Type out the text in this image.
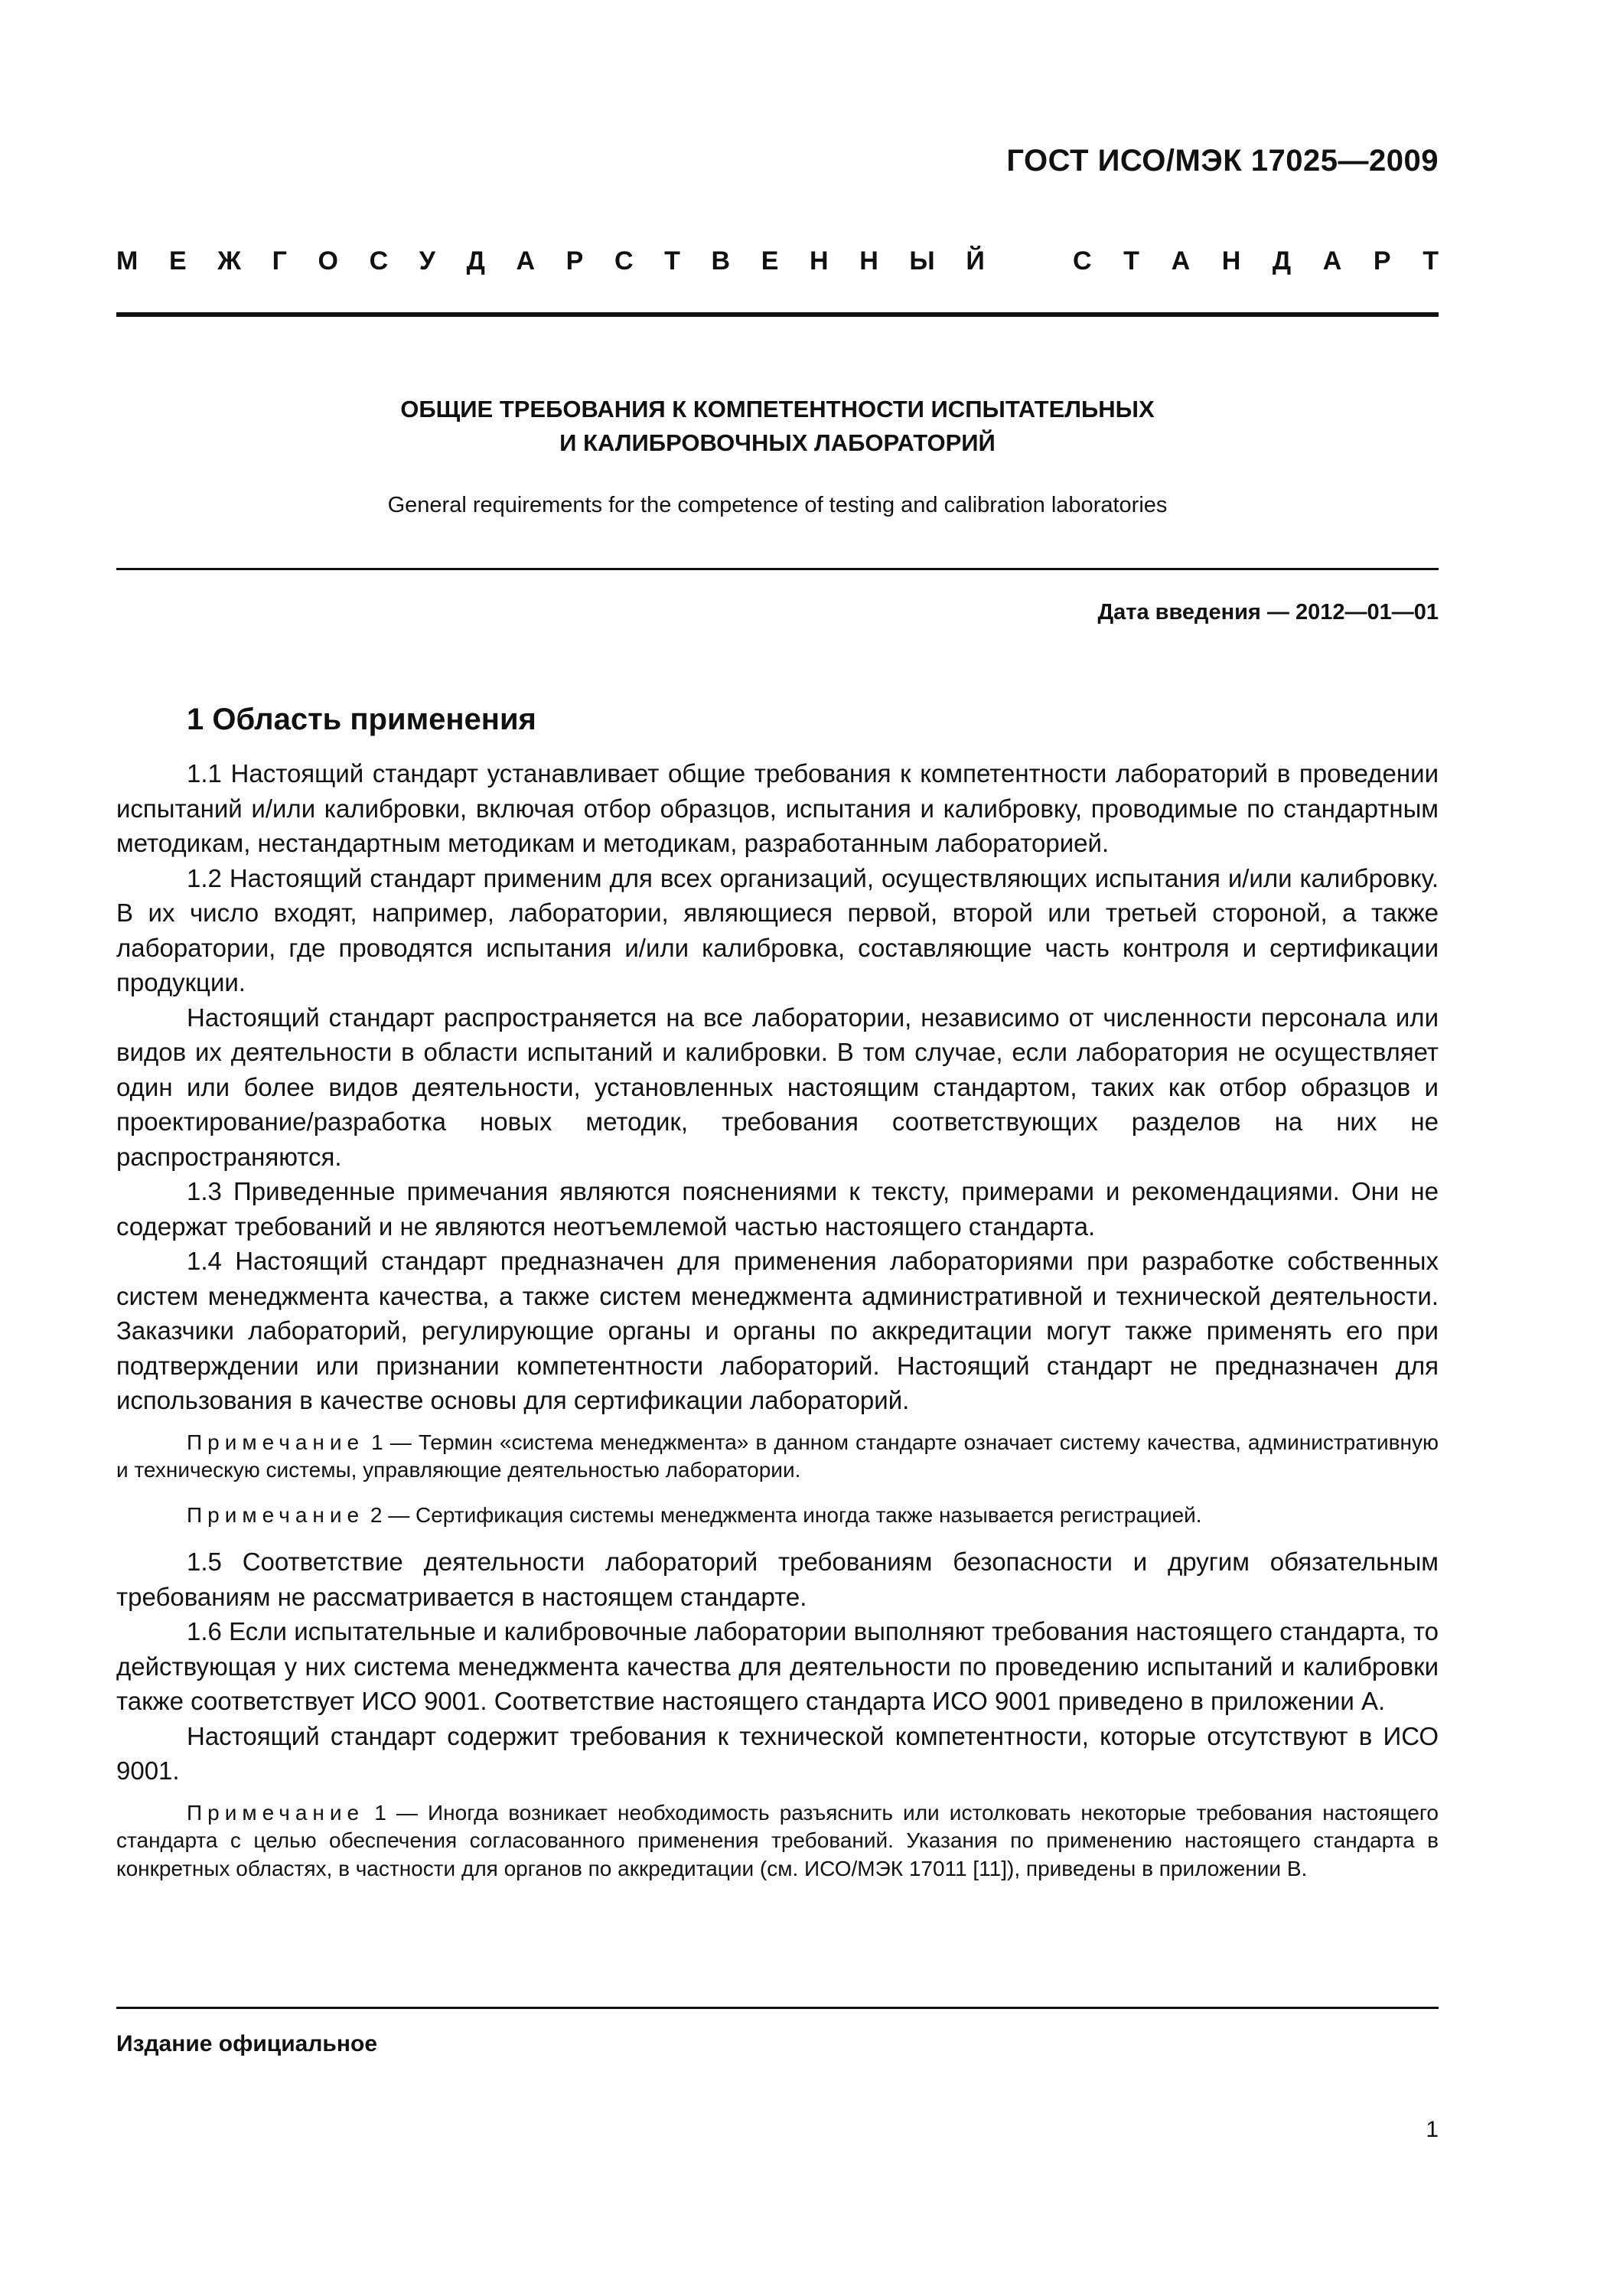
ГОСТ ИСО/МЭК 17025—2009
М Е Ж Г О С У Д А Р С Т В Е Н Н Ы Й	С Т А Н Д А Р Т
ОБЩИЕ ТРЕБОВАНИЯ К КОМПЕТЕНТНОСТИ ИСПЫТАТЕЛЬНЫХ
И КАЛИБРОВОЧНЫХ ЛАБОРАТОРИЙ
General requirements for the competence of testing and calibration laboratories
Дата введения — 2012—01—01
1 Область применения

1.1 Настоящий стандарт устанавливает общие требования к компетентности лабораторий в проведении испытаний и/или калибровки, включая отбор образцов, испытания и калибровку, проводимые по стандартным методикам, нестандартным методикам и методикам, разработанным лабораторией.

1.2 Настоящий стандарт применим для всех организаций, осуществляющих испытания и/или калибровку. В их число входят, например, лаборатории, являющиеся первой, второй или третьей стороной, а также лаборатории, где проводятся испытания и/или калибровка, составляющие часть контроля и сертификации продукции.

Настоящий стандарт распространяется на все лаборатории, независимо от численности персонала или видов их деятельности в области испытаний и калибровки. В том случае, если лаборатория не осуществляет один или более видов деятельности, установленных настоящим стандартом, таких как отбор образцов и проектирование/разработка новых методик, требования соответствующих разделов на них не распространяются.

1.3 Приведенные примечания являются пояснениями к тексту, примерами и рекомендациями. Они не содержат требований и не являются неотъемлемой частью настоящего стандарта.

1.4 Настоящий стандарт предназначен для применения лабораториями при разработке собственных систем менеджмента качества, а также систем менеджмента административной и технической деятельности. Заказчики лабораторий, регулирующие органы и органы по аккредитации могут также применять его при подтверждении или признании компетентности лабораторий. Настоящий стандарт не предназначен для использования в качестве основы для сертификации лабораторий.

Примечание 1 — Термин «система менеджмента» в данном стандарте означает систему качества, административную и техническую системы, управляющие деятельностью лаборатории.

Примечание 2 — Сертификация системы менеджмента иногда также называется регистрацией.

1.5 Соответствие деятельности лабораторий требованиям безопасности и другим обязательным требованиям не рассматривается в настоящем стандарте.

1.6 Если испытательные и калибровочные лаборатории выполняют требования настоящего стандарта, то действующая у них система менеджмента качества для деятельности по проведению испытаний и калибровки также соответствует ИСО 9001. Соответствие настоящего стандарта ИСО 9001 приведено в приложении А.

Настоящий стандарт содержит требования к технической компетентности, которые отсутствуют в ИСО 9001.

Примечание 1 — Иногда возникает необходимость разъяснить или истолковать некоторые требования настоящего стандарта с целью обеспечения согласованного применения требований. Указания по применению настоящего стандарта в конкретных областях, в частности для органов по аккредитации (см. ИСО/МЭК 17011 [11]), приведены в приложении В.

Издание официальное
1
